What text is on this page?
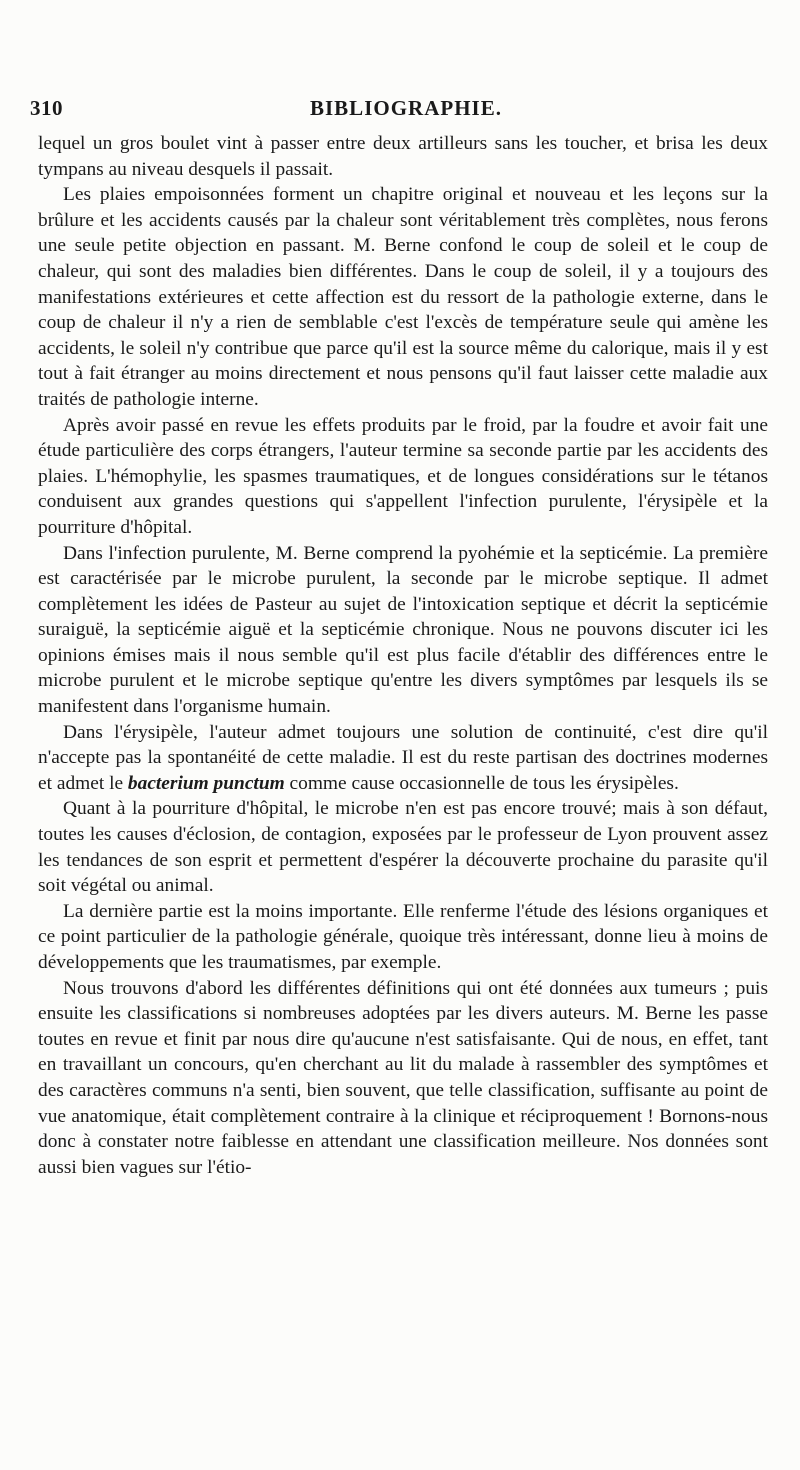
310	BIBLIOGRAPHIE.

lequel un gros boulet vint à passer entre deux artilleurs sans les toucher, et brisa les deux tympans au niveau desquels il passait.

Les plaies empoisonnées forment un chapitre original et nouveau et les leçons sur la brûlure et les accidents causés par la chaleur sont véritablement très complètes, nous ferons une seule petite objection en passant. M. Berne confond le coup de soleil et le coup de chaleur, qui sont des maladies bien différentes. Dans le coup de soleil, il y a toujours des manifestations extérieures et cette affection est du ressort de la pathologie externe, dans le coup de chaleur il n'y a rien de semblable c'est l'excès de température seule qui amène les accidents, le soleil n'y contribue que parce qu'il est la source même du calorique, mais il y est tout à fait étranger au moins directement et nous pensons qu'il faut laisser cette maladie aux traités de pathologie interne.

Après avoir passé en revue les effets produits par le froid, par la foudre et avoir fait une étude particulière des corps étrangers, l'auteur termine sa seconde partie par les accidents des plaies. L'hémophylie, les spasmes traumatiques, et de longues considérations sur le tétanos conduisent aux grandes questions qui s'appellent l'infection purulente, l'érysipèle et la pourriture d'hôpital.

Dans l'infection purulente, M. Berne comprend la pyohémie et la septicémie. La première est caractérisée par le microbe purulent, la seconde par le microbe septique. Il admet complètement les idées de Pasteur au sujet de l'intoxication septique et décrit la septicémie suraiguë, la septicémie aiguë et la septicémie chronique. Nous ne pouvons discuter ici les opinions émises mais il nous semble qu'il est plus facile d'établir des différences entre le microbe purulent et le microbe septique qu'entre les divers symptômes par lesquels ils se manifestent dans l'organisme humain.

Dans l'érysipèle, l'auteur admet toujours une solution de continuité, c'est dire qu'il n'accepte pas la spontanéité de cette maladie. Il est du reste partisan des doctrines modernes et admet le bacterium punctum comme cause occasionnelle de tous les érysipèles.

Quant à la pourriture d'hôpital, le microbe n'en est pas encore trouvé; mais à son défaut, toutes les causes d'éclosion, de contagion, exposées par le professeur de Lyon prouvent assez les tendances de son esprit et permettent d'espérer la découverte prochaine du parasite qu'il soit végétal ou animal.

La dernière partie est la moins importante. Elle renferme l'étude des lésions organiques et ce point particulier de la pathologie générale, quoique très intéressant, donne lieu à moins de développements que les traumatismes, par exemple.

Nous trouvons d'abord les différentes définitions qui ont été données aux tumeurs ; puis ensuite les classifications si nombreuses adoptées par les divers auteurs. M. Berne les passe toutes en revue et finit par nous dire qu'aucune n'est satisfaisante. Qui de nous, en effet, tant en travaillant un concours, qu'en cherchant au lit du malade à rassembler des symptômes et des caractères communs n'a senti, bien souvent, que telle classification, suffisante au point de vue anatomique, était complètement contraire à la clinique et réciproquement ! Bornons-nous donc à constater notre faiblesse en attendant une classification meilleure. Nos données sont aussi bien vagues sur l'étio-
